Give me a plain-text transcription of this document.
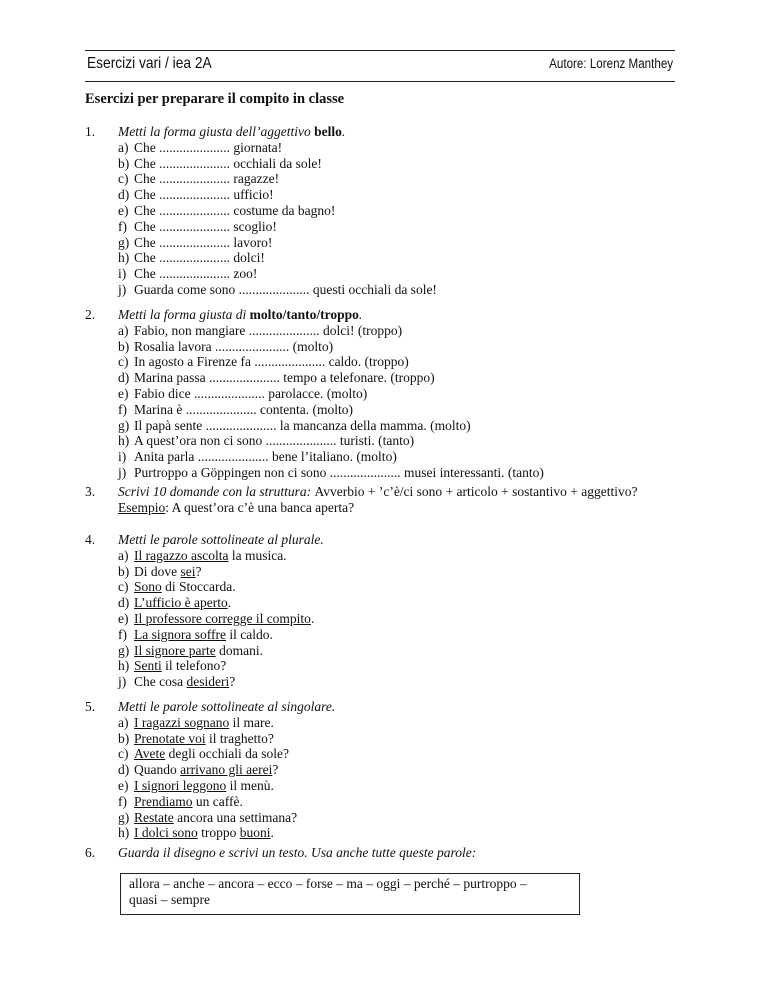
Esercizi vari / iea 2A	Autore: Lorenz Manthey
Esercizi per preparare il compito in classe
1. Metti la forma giusta dell’aggettivo bello.
a) Che ..................... giornata!
b) Che ..................... occhiali da sole!
c) Che ..................... ragazze!
d) Che ..................... ufficio!
e) Che ..................... costume da bagno!
f) Che ..................... scoglio!
g) Che ..................... lavoro!
h) Che ..................... dolci!
i) Che ..................... zoo!
j) Guarda come sono ..................... questi occhiali da sole!
2. Metti la forma giusta di molto/tanto/troppo.
a) Fabio, non mangiare ..................... dolci! (troppo)
b) Rosalia lavora ...................... (molto)
c) In agosto a Firenze fa ..................... caldo. (troppo)
d) Marina passa ..................... tempo a telefonare. (troppo)
e) Fabio dice ..................... parolacce. (molto)
f) Marina è ..................... contenta. (molto)
g) Il papà sente ..................... la mancanza della mamma. (molto)
h) A quest’ora non ci sono ..................... turisti. (tanto)
i) Anita parla ..................... bene l’italiano. (molto)
j) Purtroppo a Göppingen non ci sono ..................... musei interessanti. (tanto)
3. Scrivi 10 domande con la struttura: Avverbio + ’c’è/ci sono + articolo + sostantivo + aggettivo?
Esempio: A quest’ora c’è una banca aperta?
4. Metti le parole sottolineate al plurale.
a) Il ragazzo ascolta la musica.
b) Di dove sei?
c) Sono di Stoccarda.
d) L’ufficio è aperto.
e) Il professore corregge il compito.
f) La signora soffre il caldo.
g) Il signore parte domani.
h) Senti il telefono?
j) Che cosa desideri?
5. Metti le parole sottolineate al singolare.
a) I ragazzi sognano il mare.
b) Prenotate voi il traghetto?
c) Avete degli occhiali da sole?
d) Quando arrivano gli aerei?
e) I signori leggono il menù.
f) Prendiamo un caffè.
g) Restate ancora una settimana?
h) I dolci sono troppo buoni.
6. Guarda il disegno e scrivi un testo. Usa anche tutte queste parole:
allora – anche – ancora – ecco – forse – ma – oggi – perché – purtroppo –
quasi – sempre
